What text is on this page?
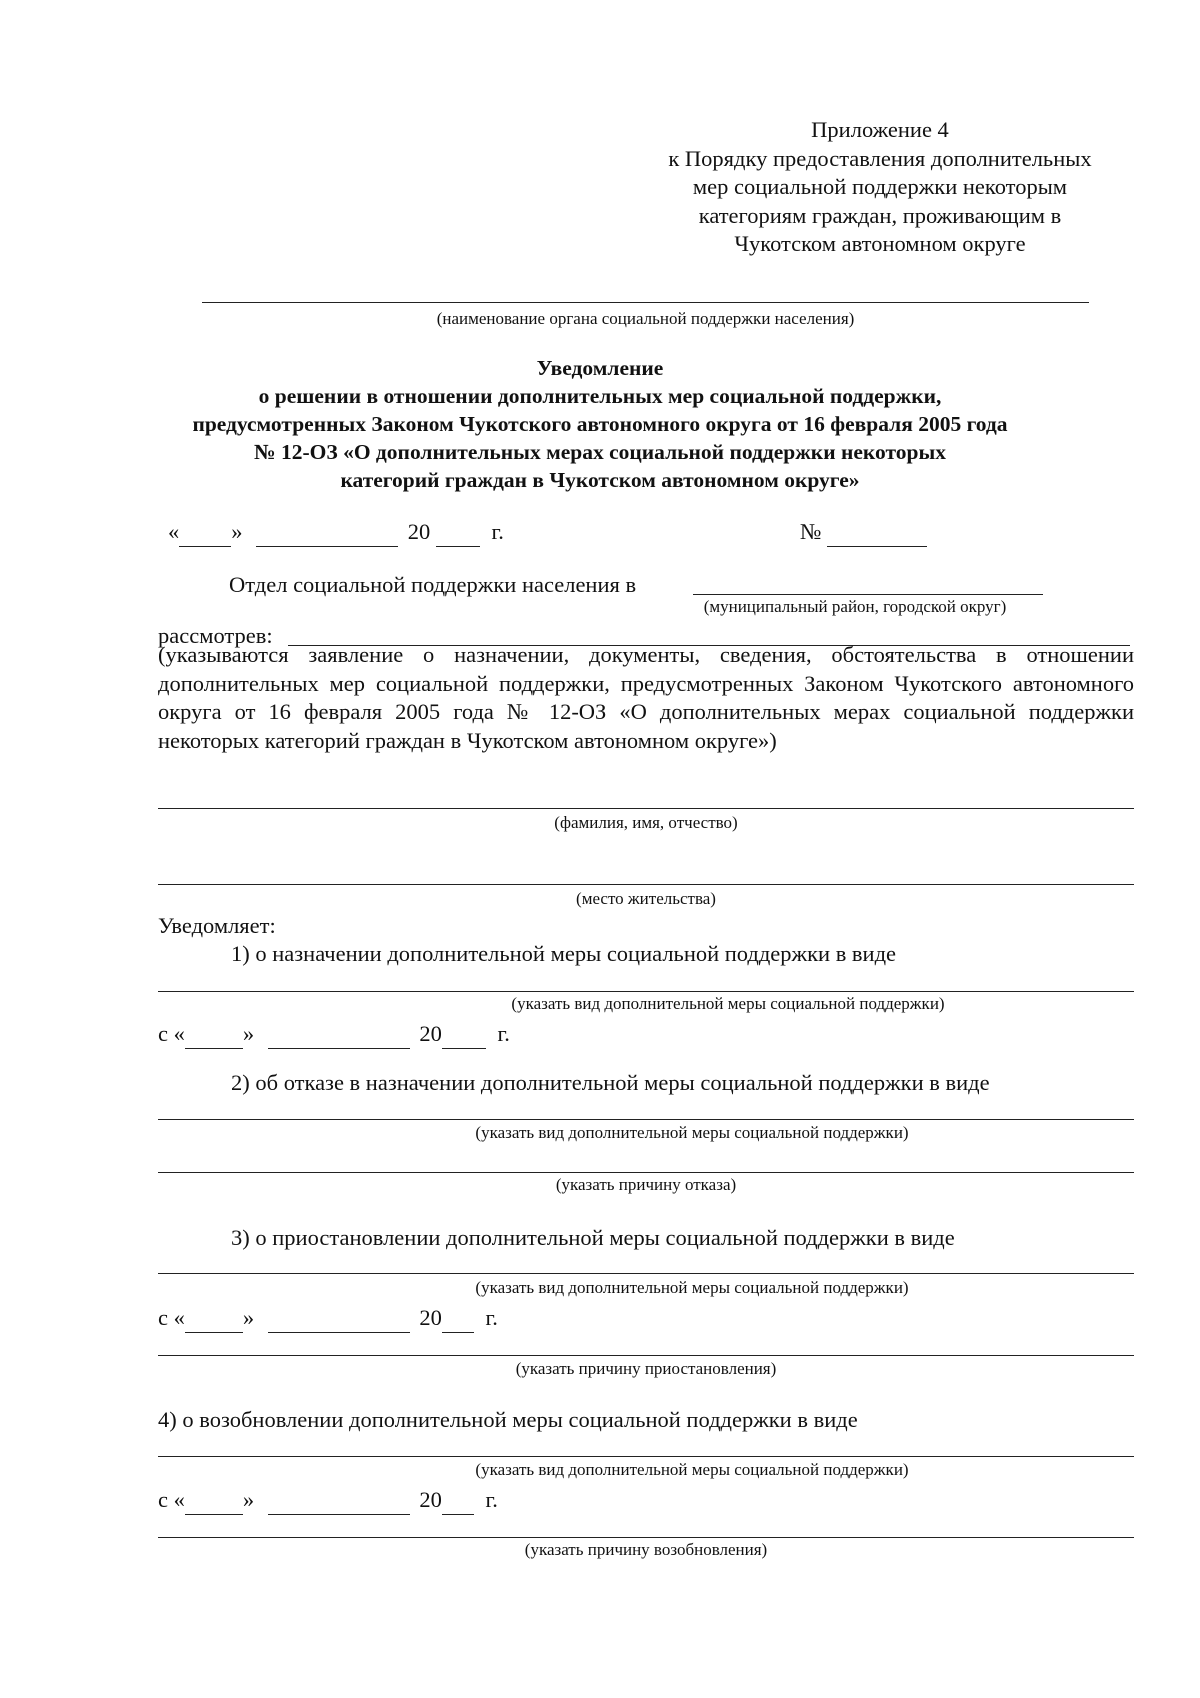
Приложение 4
к Порядку предоставления дополнительных
мер социальной поддержки некоторым
категориям граждан, проживающим в
Чукотском автономном округе
(наименование органа социальной поддержки населения)
Уведомление
о решении в отношении дополнительных мер социальной поддержки,
предусмотренных Законом Чукотского автономного округа от 16 февраля 2005 года
№ 12-ОЗ «О дополнительных мерах социальной поддержки некоторых
категорий граждан в Чукотском автономном округе»
« »	20	г.	№
Отдел социальной поддержки населения в
(муниципальный район, городской округ)
рассмотрев:
(указываются заявление о назначении, документы, сведения, обстоятельства в отношении дополнительных мер социальной поддержки, предусмотренных Законом Чукотского автономного округа от 16 февраля 2005 года № 12-ОЗ «О дополнительных мерах социальной поддержки некоторых категорий граждан в Чукотском автономном округе»)
(фамилия, имя, отчество)
(место жительства)
Уведомляет:
1) о назначении дополнительной меры социальной поддержки в виде
(указать вид дополнительной меры социальной поддержки)
с «	»	20 г.
2) об отказе в назначении дополнительной меры социальной поддержки в виде
(указать вид дополнительной меры социальной поддержки)
(указать причину отказа)
3) о приостановлении дополнительной меры социальной поддержки в виде
(указать вид дополнительной меры социальной поддержки)
с «	»	20 г.
(указать причину приостановления)
4) о возобновлении дополнительной меры социальной поддержки в виде
(указать вид дополнительной меры социальной поддержки)
с «	»	20 г.
(указать причину возобновления)
